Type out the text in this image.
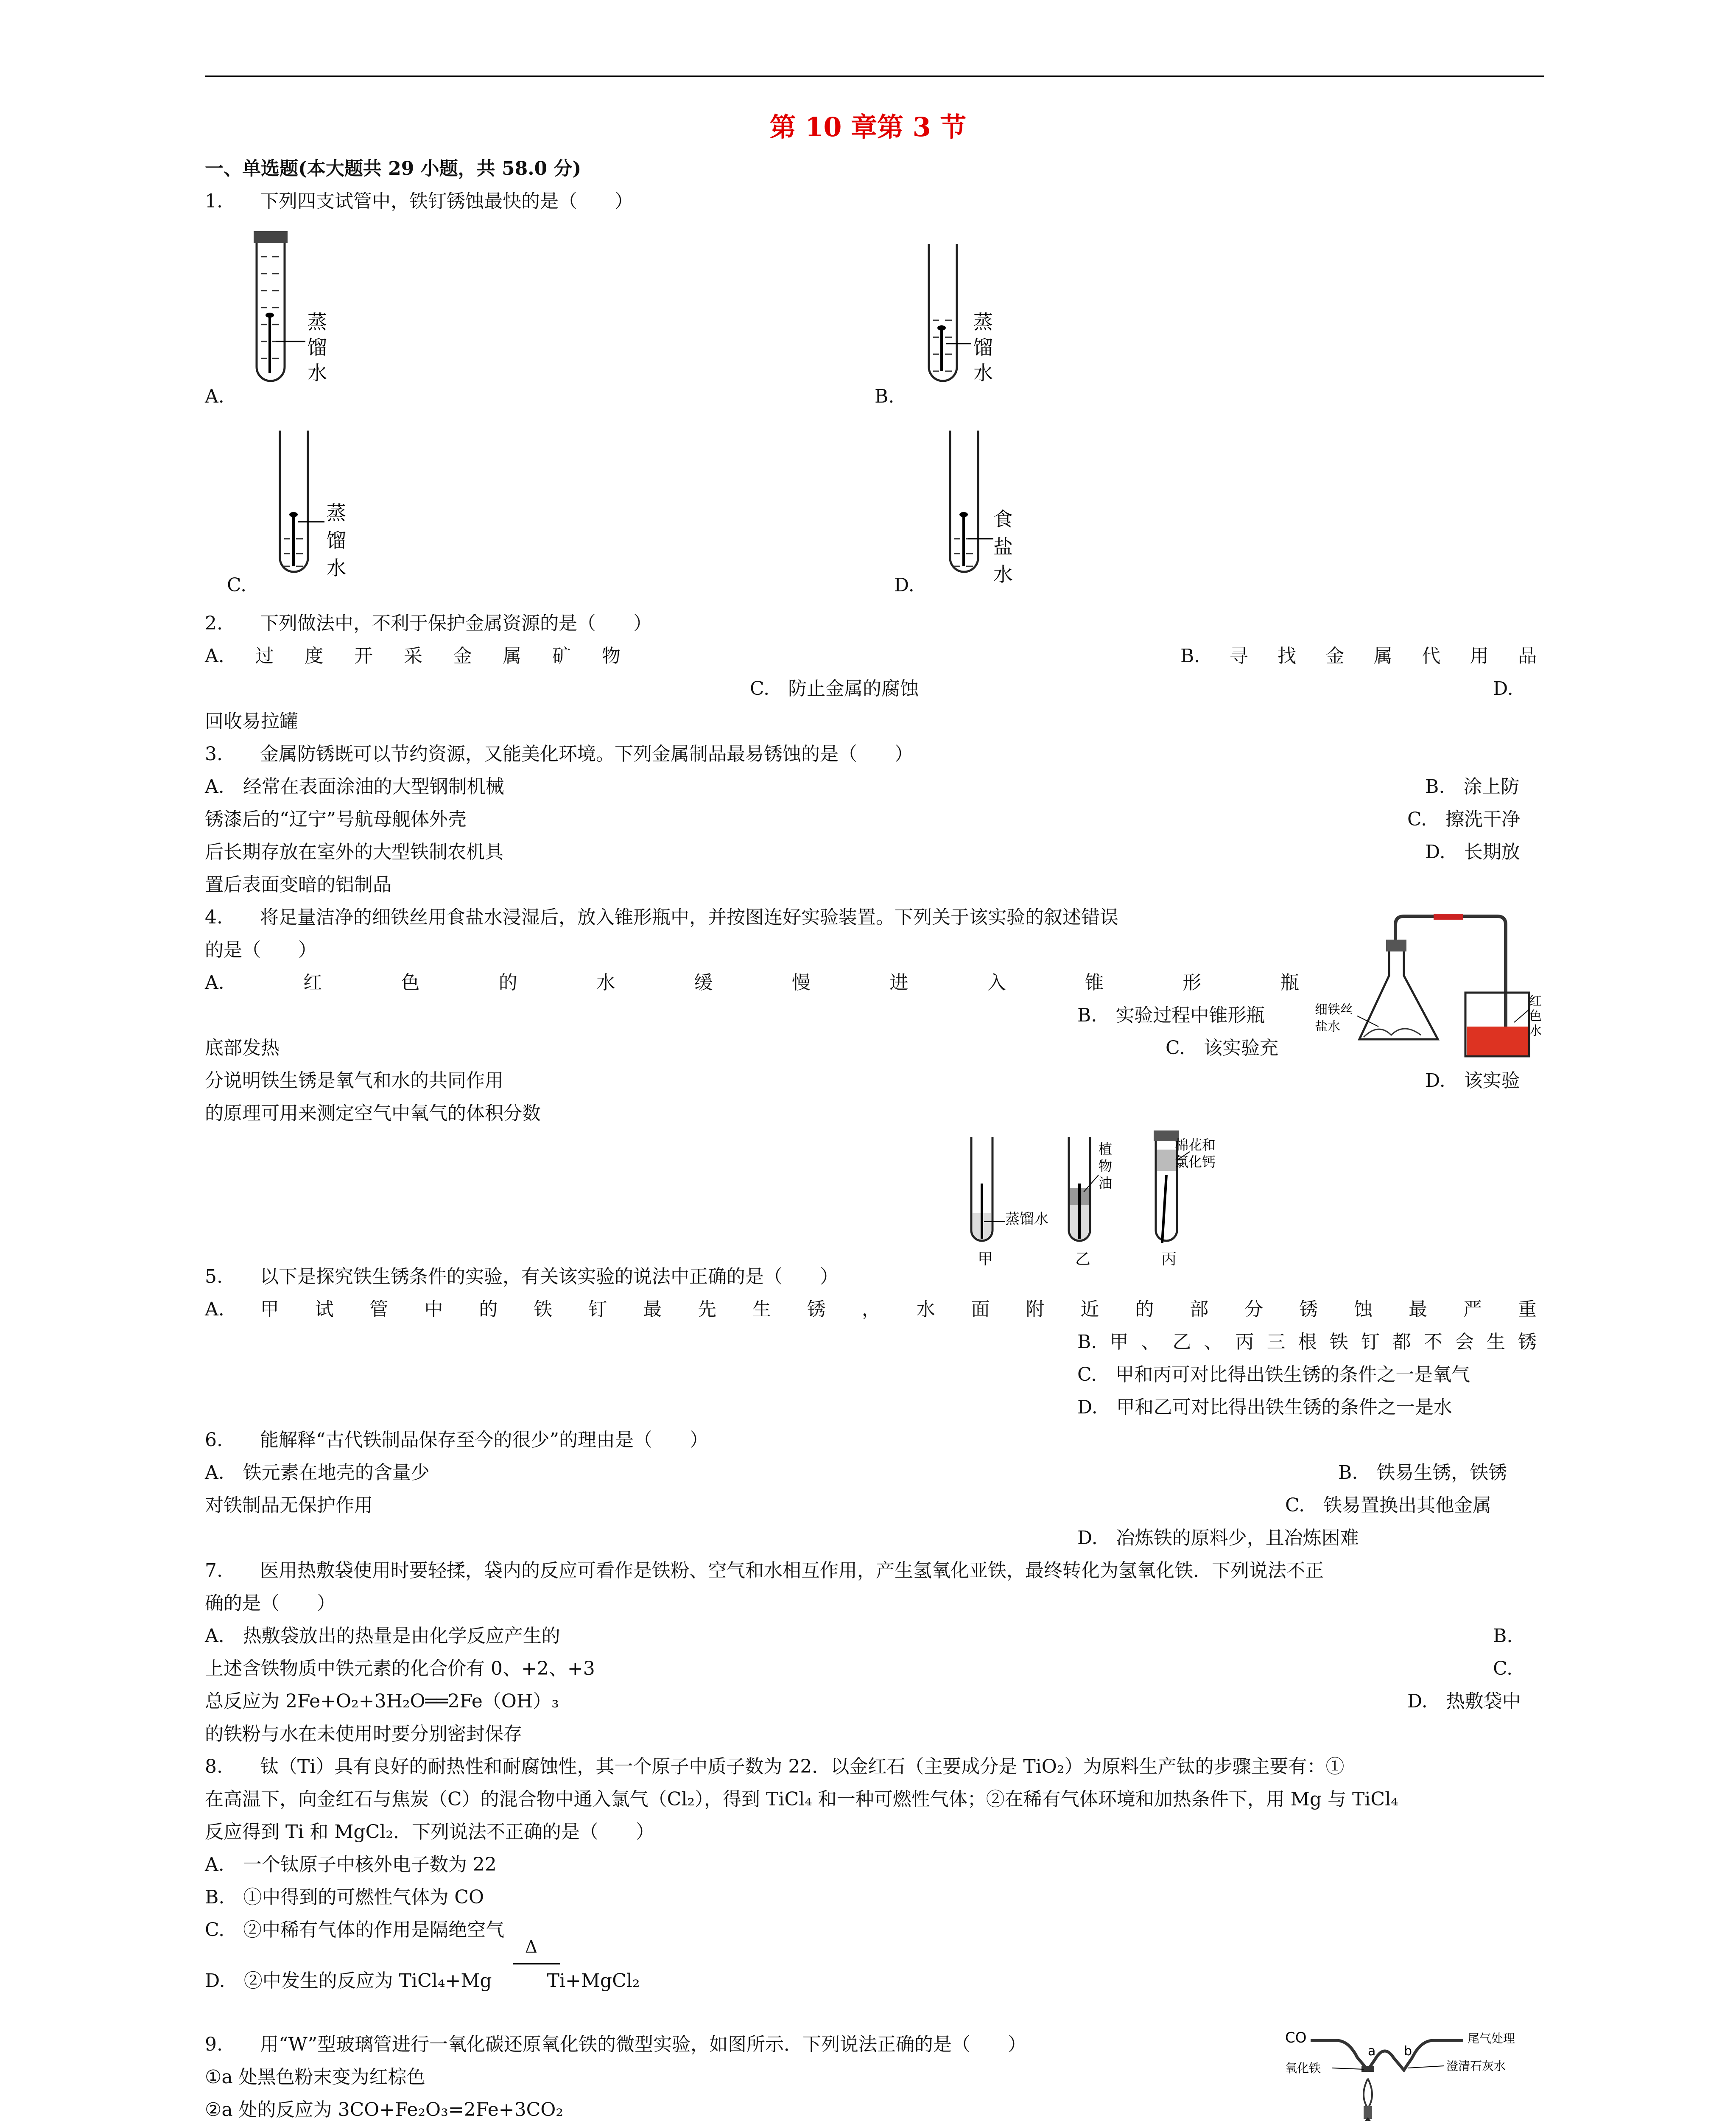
第 10 章第 3 节
一、单选题(本大题共 29 小题，共 58.0 分)
1.　　下列四支试管中，铁钉锈蚀最快的是（　　）
蒸
馏
水
A.
蒸
馏
水
B.
蒸
馏
水
C.
食
盐
水
D.
2.　　下列做法中，不利于保护金属资源的是（　　）
A. 过 度 开 采 金 属 矿 物	B. 寻 找 金 属 代 用 品
C.　防止金属的腐蚀	D.
回收易拉罐
3.　　金属防锈既可以节约资源，又能美化环境。下列金属制品最易锈蚀的是（　　）
A.　经常在表面涂油的大型钢制机械	B.　涂上防
锈漆后的“辽宁”号航母舰体外壳	C.　擦洗干净
后长期存放在室外的大型铁制农机具	D.　长期放
置后表面变暗的铝制品
4.　　将足量洁净的细铁丝用食盐水浸湿后，放入锥形瓶中，并按图连好实验装置。下列关于该实验的叙述错误
的是（　　）
A.	红	色	的	水	缓	慢	进	入	锥	形	瓶
B.　实验过程中锥形瓶
底部发热	C.　该实验充
分说明铁生锈是氧气和水的共同作用	D.　该实验
的原理可用来测定空气中氧气的体积分数
细铁丝
盐水
红
色
水
蒸馏水
甲
植
物
油
乙
棉花和
氯化钙
丙
5.　　以下是探究铁生锈条件的实验，有关该实验的说法中正确的是（　　）
A. 甲 试 管 中 的 铁 钉 最 先 生 锈 ， 水 面 附 近 的 部 分 锈 蚀 最 严 重
B. 甲 、 乙 、 丙 三 根 铁 钉 都 不 会 生 锈
C.　甲和丙可对比得出铁生锈的条件之一是氧气
D.　甲和乙可对比得出铁生锈的条件之一是水
6.　　能解释“古代铁制品保存至今的很少”的理由是（　　）
A.　铁元素在地壳的含量少	B.　铁易生锈，铁锈
对铁制品无保护作用	C.　铁易置换出其他金属
D.　冶炼铁的原料少，且冶炼困难
7.　　医用热敷袋使用时要轻揉，袋内的反应可看作是铁粉、空气和水相互作用，产生氢氧化亚铁，最终转化为氢氧化铁．下列说法不正
确的是（　　）
A.　热敷袋放出的热量是由化学反应产生的	B.
上述含铁物质中铁元素的化合价有 0、+2、+3	C.
总反应为 2Fe+O₂+3H₂O══2Fe（OH）₃	D.　热敷袋中
的铁粉与水在未使用时要分别密封保存
8.　　钛（Ti）具有良好的耐热性和耐腐蚀性，其一个原子中质子数为 22．以金红石（主要成分是 TiO₂）为原料生产钛的步骤主要有：①
在高温下，向金红石与焦炭（C）的混合物中通入氯气（Cl₂），得到 TiCl₄ 和一种可燃性气体；②在稀有气体环境和加热条件下，用 Mg 与 TiCl₄
反应得到 Ti 和 MgCl₂．下列说法不正确的是（　　）
A.　一个钛原子中核外电子数为 22
B.　①中得到的可燃性气体为 CO
C.　②中稀有气体的作用是隔绝空气
D.　②中发生的反应为 TiCl₄+Mg	Ti+MgCl₂
Δ
9.　　用“W”型玻璃管进行一氧化碳还原氧化铁的微型实验，如图所示．下列说法正确的是（　　）
①a 处黑色粉末变为红棕色
②a 处的反应为 3CO+Fe₂O₃=2Fe+3CO₂
CO
a b
尾气处理
氧化铁	澄清石灰水
